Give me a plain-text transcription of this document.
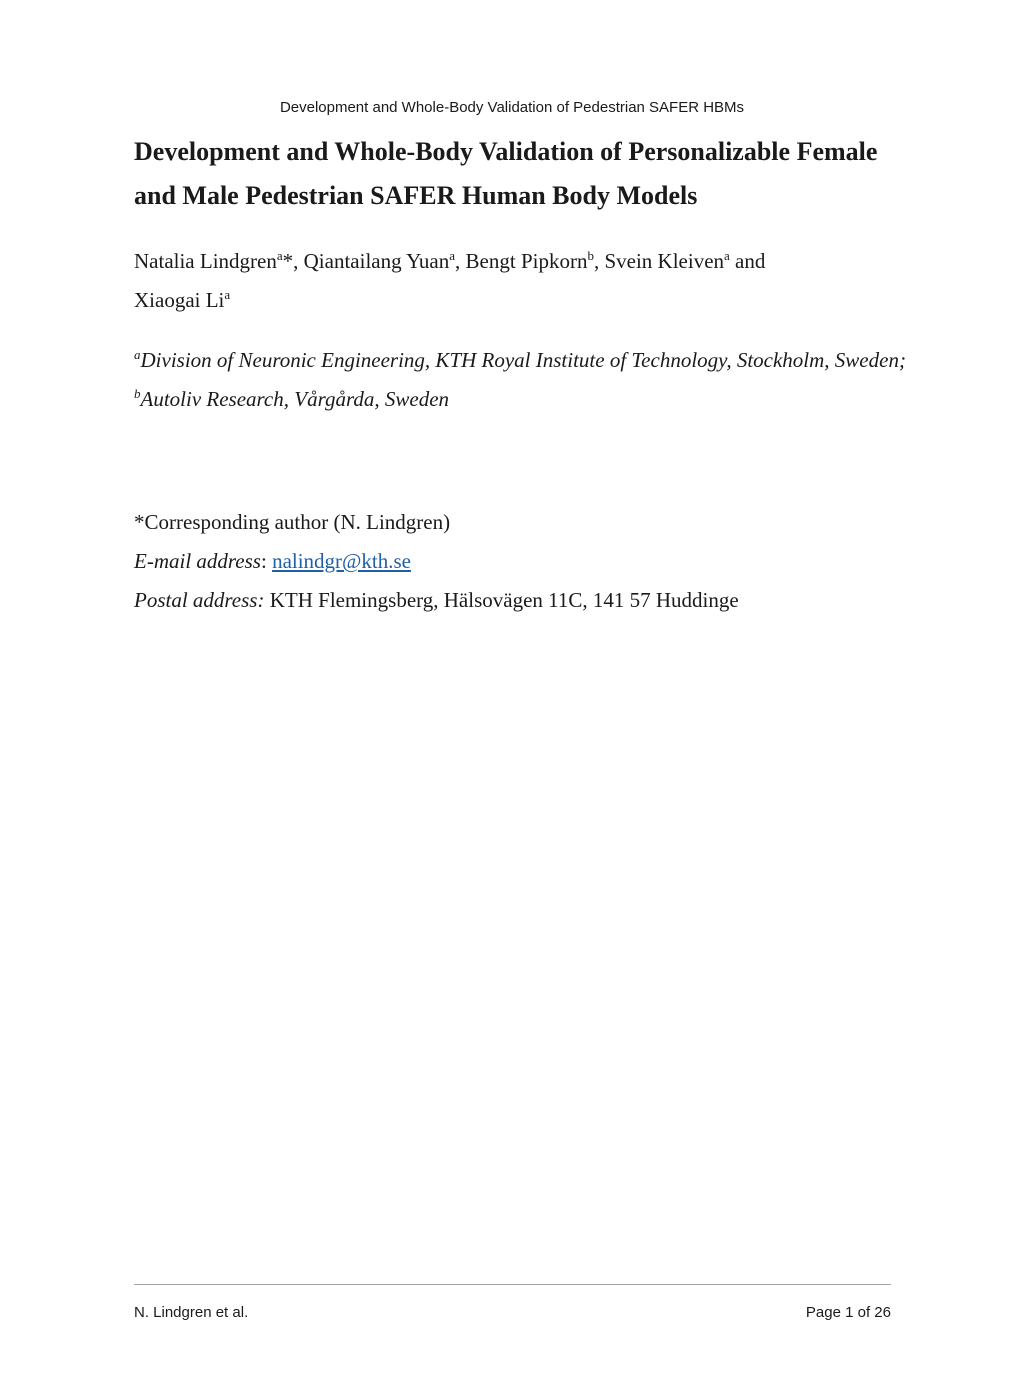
Development and Whole-Body Validation of Pedestrian SAFER HBMs
Development and Whole-Body Validation of Personalizable Female and Male Pedestrian SAFER Human Body Models

Natalia Lindgren$^a$*, Qiantailang Yuan$^a$, Bengt Pipkorn$^b$, Svein Kleiven$^a$ and
Xiaogai Li$^a$

$^a$Division of Neuronic Engineering, KTH Royal Institute of Technology, Stockholm, Sweden; $^b$Autoliv Research, Vårgårda, Sweden

*Corresponding author (N. Lindgren)
E-mail address: nalindgr@kth.se
Postal address: KTH Flemingsberg, Hälsovägen 11C, 141 57 Huddinge
N. Lindgren et al.	Page 1 of 26
